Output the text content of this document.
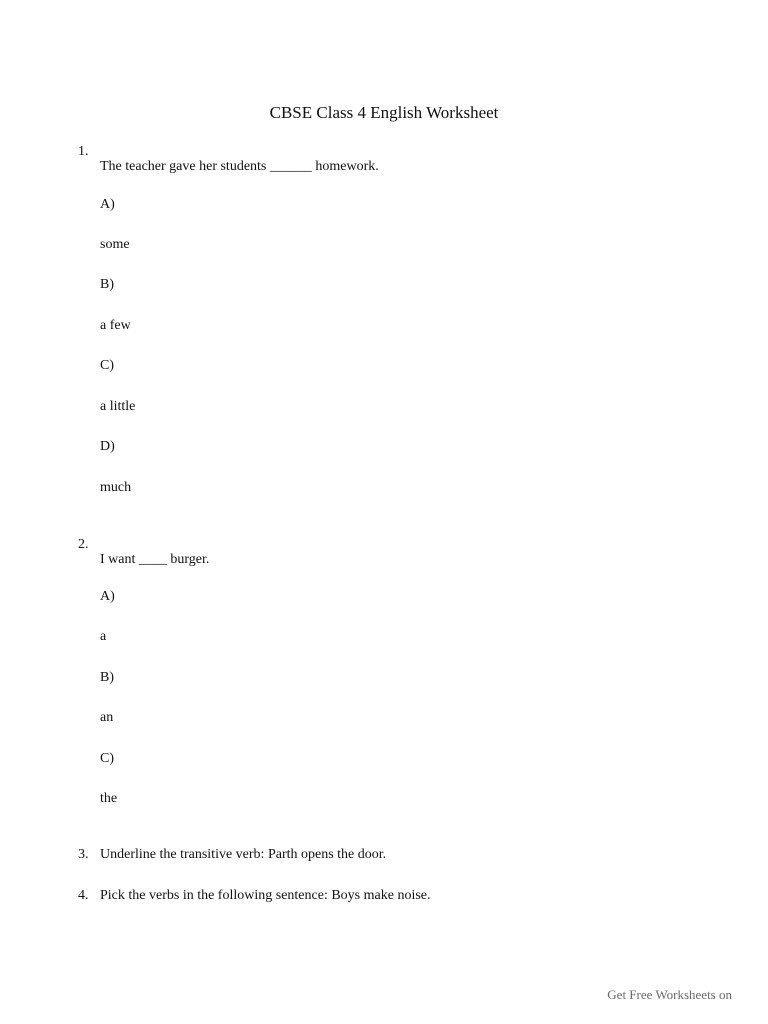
CBSE Class 4 English Worksheet
1.
The teacher gave her students ______ homework.
A)
some
B)
a few
C)
a little
D)
much
2.
I want ____ burger.
A)
a
B)
an
C)
the
3. Underline the transitive verb: Parth opens the door.
4. Pick the verbs in the following sentence: Boys make noise.
Get Free Worksheets on
